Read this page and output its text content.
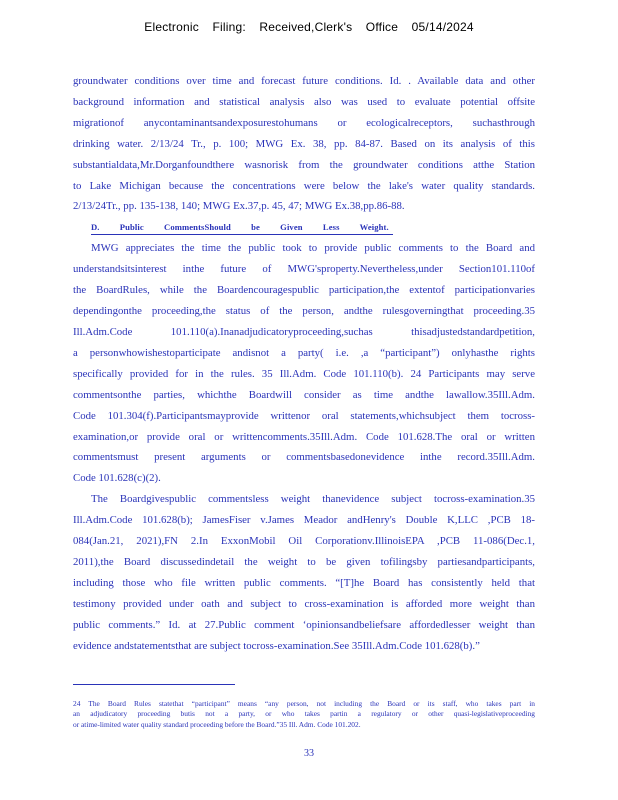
Electronic Filing: Received,Clerk's Office 05/14/2024

groundwater conditions over time and forecast future conditions. Id. . Available data and other

background information and statistical analysis also was used to evaluate potential offsite

migrationof anycontaminantsandexposurestohumans or ecologicalreceptors, suchasthrough

drinking water. 2/13/24 Tr., p. 100; MWG Ex. 38, pp. 84-87. Based on its analysis of this

substantialdata,Mr.Dorganfoundthere wasnorisk from the groundwater conditions atthe Station

to Lake Michigan because the concentrations were below the lake's water quality standards.

2/13/24Tr., pp. 135-138, 140; MWG Ex.37,p. 45, 47; MWG Ex.38,pp.86-88.

D. Public CommentsShould be Given Less Weight.

MWG appreciates the time the public took to provide public comments to the Board and

understandsitsinterest inthe future of MWG'sproperty.Nevertheless,under Section101.110of

the BoardRules, while the Boardencouragespublic participation,the extentof participationvaries

dependingonthe proceeding,the status of the person, andthe rulesgoverningthat proceeding.35

Ill.Adm.Code 101.110(a).Inanadjudicatoryproceeding,suchas thisadjustedstandardpetition,

a personwhowishestoparticipate andisnot a party( i.e. ,a “participant”) onlyhasthe rights

specifically provided for in the rules. 35 Ill.Adm. Code 101.110(b). 24 Participants may serve

commentsonthe parties, whichthe Boardwill consider as time andthe lawallow.35Ill.Adm.

Code 101.304(f).Participantsmayprovide writtenor oral statements,whichsubject them tocross-

examination,or provide oral or writtencomments.35Ill.Adm. Code 101.628.The oral or written

commentsmust present arguments or commentsbasedonevidence inthe record.35Ill.Adm.

Code 101.628(c)(2).

The Boardgivespublic commentsless weight thanevidence subject tocross-examination.35

Ill.Adm.Code 101.628(b); JamesFiser v.James Meador andHenry's Double K,LLC ,PCB 18-

084(Jan.21, 2021),FN 2.In ExxonMobil Oil Corporationv.IllinoisEPA ,PCB 11-086(Dec.1,

2011),the Board discussedindetail the weight to be given tofilingsby partiesandparticipants,

including those who file written public comments. “[T]he Board has consistently held that

testimony provided under oath and subject to cross-examination is afforded more weight than

public comments.” Id. at 27.Public comment ‘opinionsandbeliefsare affordedlesser weight than

evidence andstatementsthat are subject tocross-examination.See 35Ill.Adm.Code 101.628(b).”

24 The Board Rules statethat “participant” means “any person, not including the Board or its staff, who takes part in

an adjudicatory proceeding butis not a party, or who takes partin a regulatory or other quasi-legislativeproceeding

or atime-limited water quality standard proceeding before the Board.”35 Ill. Adm. Code 101.202.

33
